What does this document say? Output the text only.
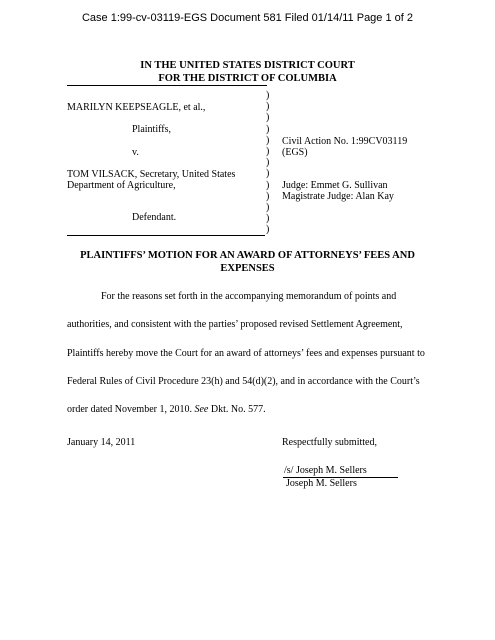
Case 1:99-cv-03119-EGS Document 581 Filed 01/14/11 Page 1 of 2
IN THE UNITED STATES DISTRICT COURT
FOR THE DISTRICT OF COLUMBIA
)
)
)
)
)
)
)
)
)
)
)
)
)
MARILYN KEEPSEAGLE, et al.,
Plaintiffs,
v.
TOM VILSACK, Secretary, United States
Department of Agriculture,
Defendant.
Civil Action No. 1:99CV03119
(EGS)
Judge: Emmet G. Sullivan
Magistrate Judge: Alan Kay
PLAINTIFFS’ MOTION FOR AN AWARD OF ATTORNEYS’ FEES AND
EXPENSES
For the reasons set forth in the accompanying memorandum of points and
authorities, and consistent with the parties’ proposed revised Settlement Agreement,
Plaintiffs hereby move the Court for an award of attorneys’ fees and expenses pursuant to
Federal Rules of Civil Procedure 23(h) and 54(d)(2), and in accordance with the Court’s
order dated November 1, 2010. See Dkt. No. 577.
January 14, 2011	Respectfully submitted,
/s/ Joseph M. Sellers
Joseph M. Sellers
